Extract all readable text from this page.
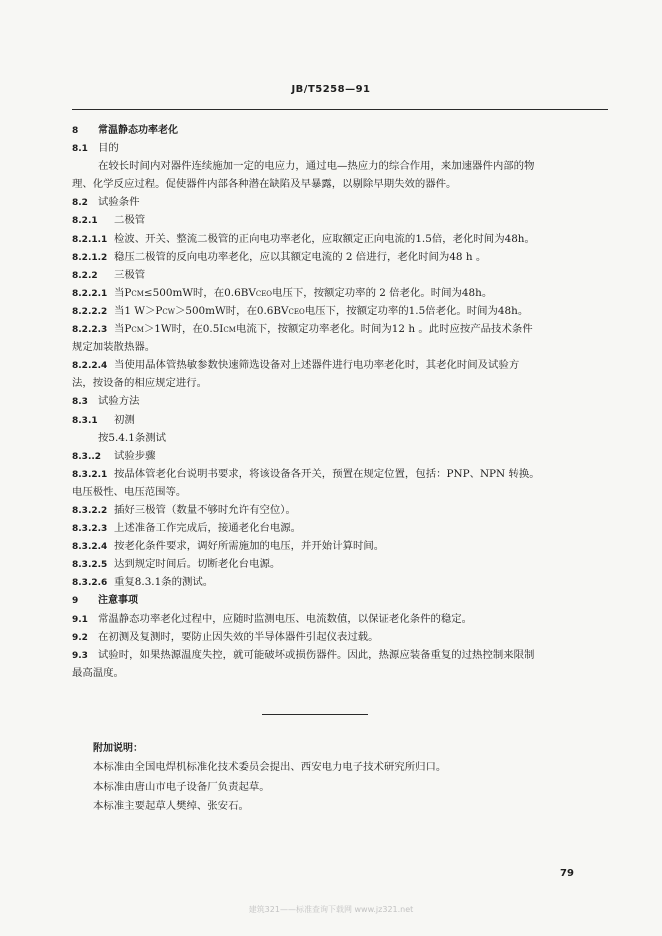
JB/T5258—91
8 常温静态功率老化
8.1 目的
在较长时间内对器件连续施加一定的电应力，通过电—热应力的综合作用，来加速器件内部的物
理、化学反应过程。促使器件内部各种潜在缺陷及早暴露，以剔除早期失效的器件。
8.2 试验条件
8.2.1 二极管
8.2.1.1 检波、开关、整流二极管的正向电功率老化，应取额定正向电流的1.5倍，老化时间为48h。
8.2.1.2 稳压二极管的反向电功率老化，应以其额定电流的 2 倍进行，老化时间为48 h 。
8.2.2 三极管
8.2.2.1 当PCM≤500mW时，在0.6BVCEO电压下，按额定功率的 2 倍老化。时间为48h。
8.2.2.2 当1 W＞PCW＞500mW时，在0.6BVCEO电压下，按额定功率的1.5倍老化。时间为48h。
8.2.2.3 当PCM＞1W时，在0.5ICM电流下，按额定功率老化。时间为12 h 。此时应按产品技术条件
规定加装散热器。
8.2.2.4 当使用晶体管热敏参数快速筛选设备对上述器件进行电功率老化时，其老化时间及试验方
法，按设备的相应规定进行。
8.3 试验方法
8.3.1 初测
按5.4.1条测试
8.3..2 试验步骤
8.3.2.1 按晶体管老化台说明书要求，将该设备各开关，预置在规定位置，包括：PNP、NPN 转换。
电压极性、电压范围等。
8.3.2.2 插好三极管（数量不够时允许有空位）。
8.3.2.3 上述准备工作完成后，接通老化台电源。
8.3.2.4 按老化条件要求，调好所需施加的电压，并开始计算时间。
8.3.2.5 达到规定时间后。切断老化台电源。
8.3.2.6 重复8.3.1条的测试。
9 注意事项
9.1 常温静态功率老化过程中，应随时监测电压、电流数值，以保证老化条件的稳定。
9.2 在初测及复测时，要防止因失效的半导体器件引起仪表过载。
9.3 试验时，如果热源温度失控，就可能破坏或损伤器件。因此，热源应装备重复的过热控制来限制
最高温度。
附加说明：
本标准由全国电焊机标准化技术委员会提出、西安电力电子技术研究所归口。
本标准由唐山市电子设备厂负责起草。
本标准主要起草人樊绰、张安石。
79
建筑321——标准查询下载网 www.jz321.net
